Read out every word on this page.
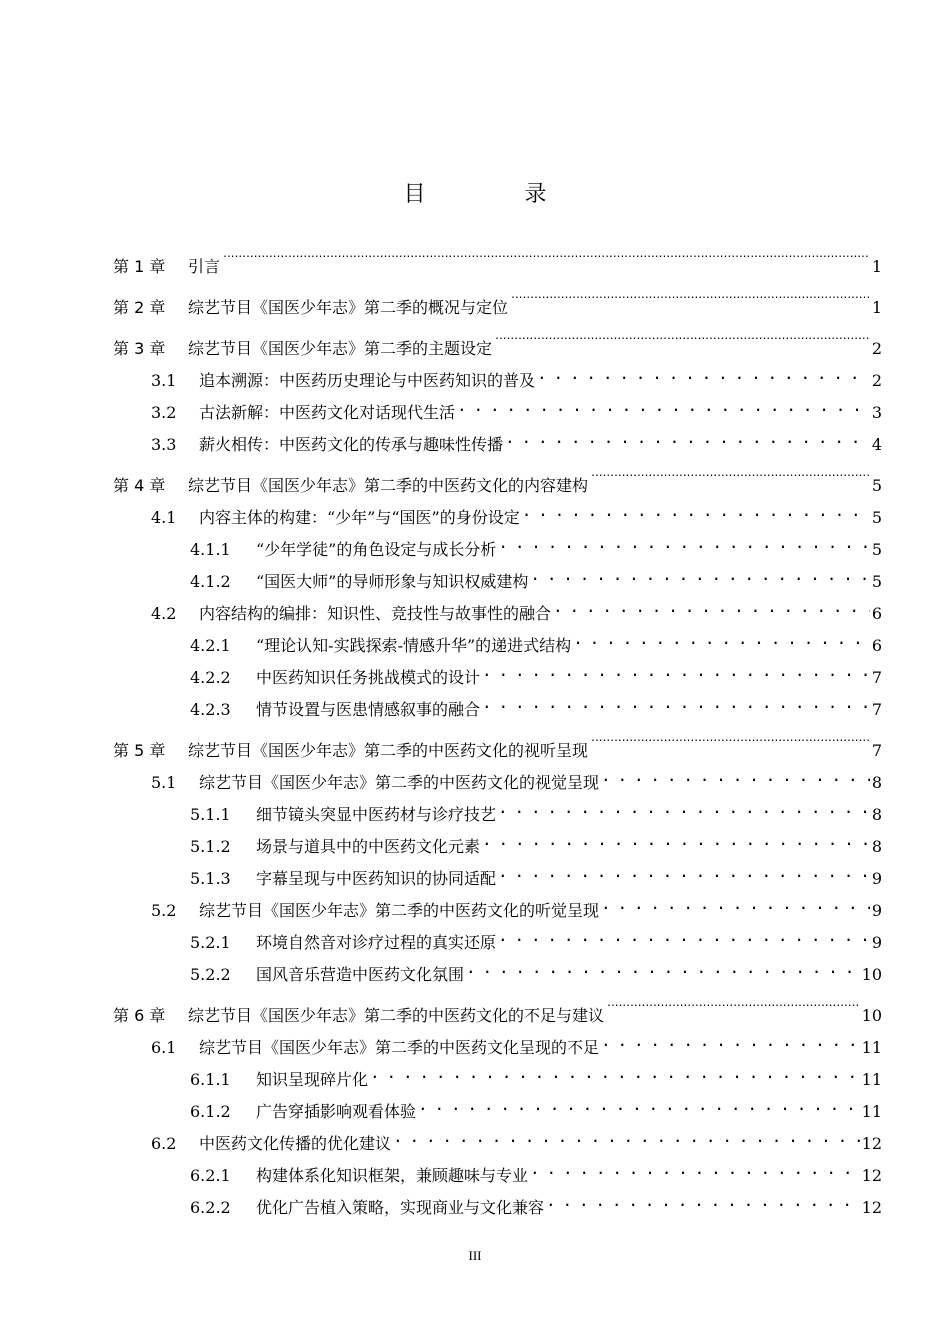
目 录
第 1 章	引言 .....	1
第 2 章	综艺节目《国医少年志》第二季的概况与定位 .....	1
第 3 章	综艺节目《国医少年志》第二季的主题设定 .....	2
3.1	追本溯源：中医药历史理论与中医药知识的普及 . . .	2
3.2	古法新解：中医药文化对话现代生活 . . .	3
3.3	薪火相传：中医药文化的传承与趣味性传播 . . .	4
第 4 章	综艺节目《国医少年志》第二季的中医药文化的内容建构 .....	5
4.1	内容主体的构建：“少年”与“国医”的身份设定 . . .	5
4.1.1	“少年学徒”的角色设定与成长分析 . . .	5
4.1.2	“国医大师”的导师形象与知识权威建构 . . .	5
4.2	内容结构的编排：知识性、竞技性与故事性的融合 . . .	6
4.2.1	“理论认知-实践探索-情感升华”的递进式结构 . . .	6
4.2.2	中医药知识任务挑战模式的设计 . . .	7
4.2.3	情节设置与医患情感叙事的融合 . . .	7
第 5 章	综艺节目《国医少年志》第二季的中医药文化的视听呈现 .....	7
5.1	综艺节目《国医少年志》第二季的中医药文化的视觉呈现 . . .	8
5.1.1	细节镜头突显中医药材与诊疗技艺 . . .	8
5.1.2	场景与道具中的中医药文化元素 . . .	8
5.1.3	字幕呈现与中医药知识的协同适配 . . .	9
5.2	综艺节目《国医少年志》第二季的中医药文化的听觉呈现 . . .	9
5.2.1	环境自然音对诊疗过程的真实还原 . . .	9
5.2.2	国风音乐营造中医药文化氛围 . . .	10
第 6 章	综艺节目《国医少年志》第二季的中医药文化的不足与建议 .....	10
6.1	综艺节目《国医少年志》第二季的中医药文化呈现的不足 . . .	11
6.1.1	知识呈现碎片化 . . .	11
6.1.2	广告穿插影响观看体验 . . .	11
6.2	中医药文化传播的优化建议 . . .	12
6.2.1	构建体系化知识框架，兼顾趣味与专业 . . .	12
6.2.2	优化广告植入策略，实现商业与文化兼容 . . .	12
III
